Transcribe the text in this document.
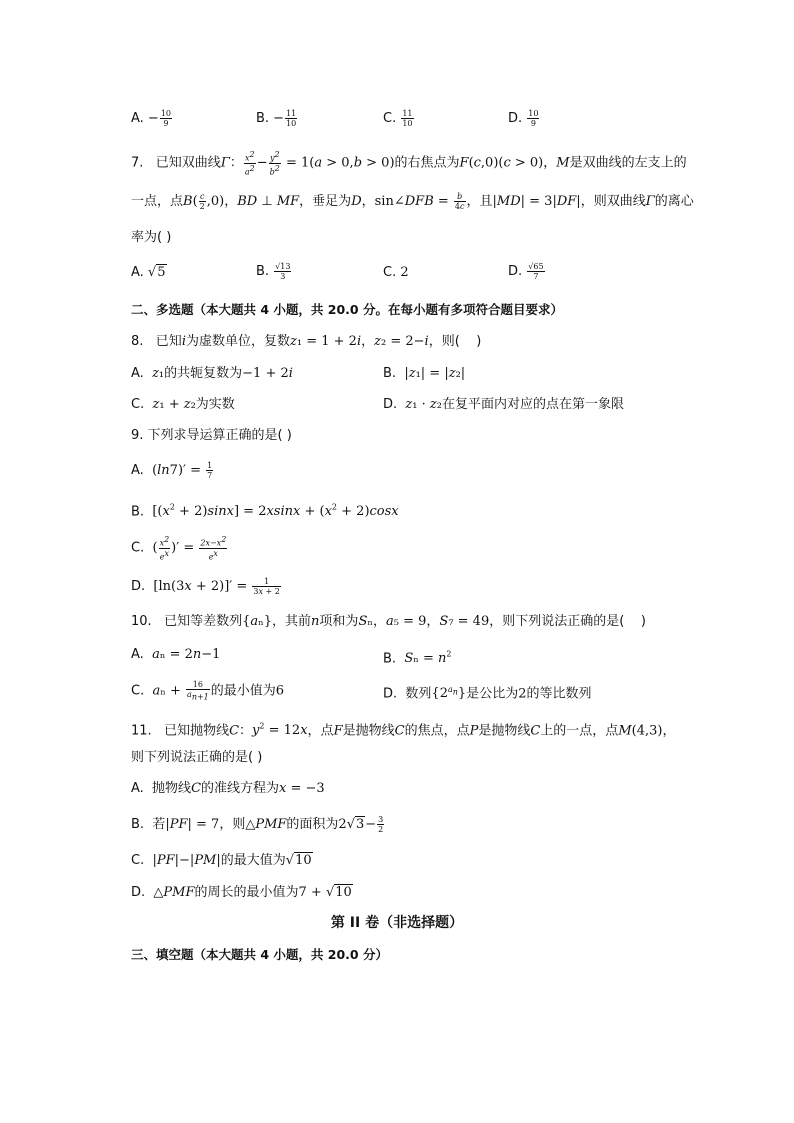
A. − $\frac{10}{9}$	B. − $\frac{11}{10}$	C. $\frac{11}{10}$	D. $\frac{10}{9}$
7.   已知双曲线Γ： $\frac{x^2}{a^2} - \frac{y^2}{b^2} = 1(a > 0,b > 0)$的右焦点为F(c,0)(c > 0)，M是双曲线的左支上的
一点，点$B( \frac{c}{2} ,0)$，BD ⊥ MF，垂足为D，sin∠DFB = $\frac{b}{4c}$ ，且|MD| = 3|DF|，则双曲线Γ的离心
率为( )
A. √5	B. $\frac{√13}{3}$	C. 2	D. $\frac{√65}{7}$
二、多选题（本大题共 4 小题，共 20.0 分。在每小题有多项符合题目要求）
8.   已知i为虚数单位，复数z₁ = 1 + 2i，z₂ = 2−i，则(    )
A.  z₁的共轭复数为−1 + 2i	B.  |z₁| = |z₂|
C.  z₁ + z₂为实数	D.  z₁ · z₂在复平面内对应的点在第一象限
9. 下列求导运算正确的是( )
A.  $(\ln 7)' = \frac{1}{7}$
B.  $[(x^2 + 2)\sin x] = 2xsinx + (x^2 + 2)\cos x$
C.  ( $\frac{x^2}{e^x}$ )′ = $\frac{2x-x^2}{e^x}$
D.  $[\ln(3x + 2)]' = \frac{1}{3x + 2}$
10.   已知等差数列{aₙ}，其前n项和为Sₙ，a₅ = 9，S₇ = 49，则下列说法正确的是(    )
A.  aₙ = 2n−1	B.  $S_n = n^2$
C.  $a_n + \frac{16}{a_{n+1}}$ 的最小值为6	D.  数列$\{2^{a_n}\}$是公比为2的等比数列
11.   已知抛物线C：$y^2 = 12x$，点F是抛物线C的焦点，点P是抛物线C上的一点，点M(4,3)，
则下列说法正确的是( )
A.  抛物线C的准线方程为x = −3
B.  若|PF| = 7，则△PMF的面积为$2√3- \frac{3}{2}$
C.  |PF|−|PM|的最大值为√10
D.  △PMF的周长的最小值为7 + √10
第 II 卷（非选择题）
三、填空题（本大题共 4 小题，共 20.0 分）
